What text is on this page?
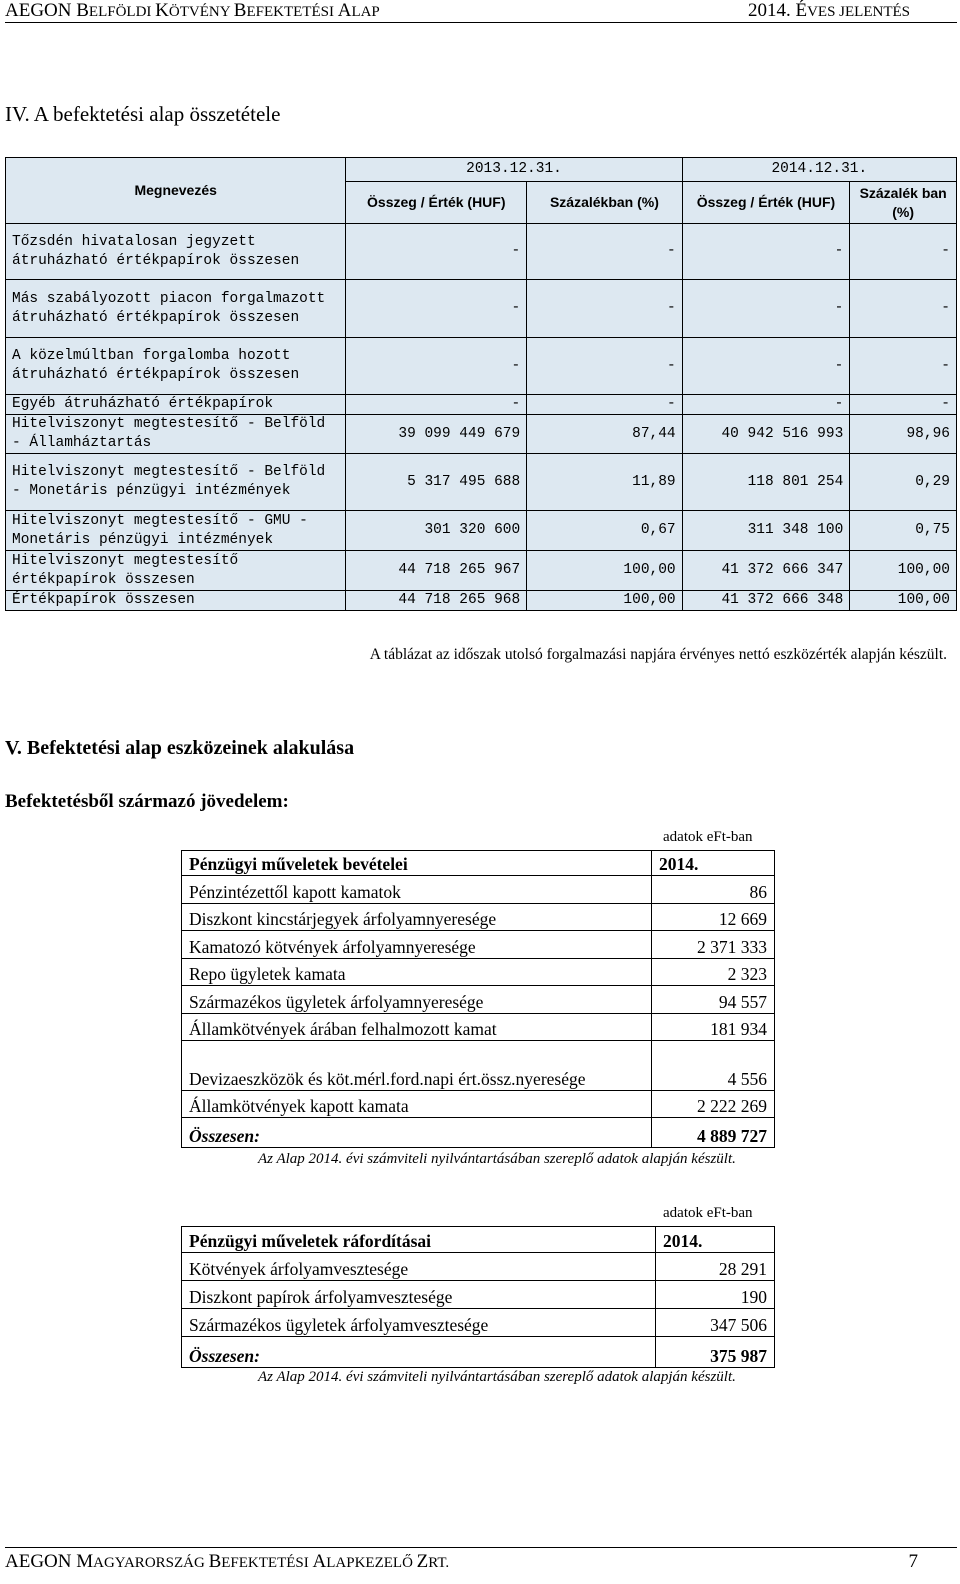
AEGON BELFÖLDI KÖTVÉNY BEFEKTETÉSI ALAP	2014. ÉVES JELENTÉS
IV. A befektetési alap összetétele
Megnevezés	2013.12.31.		2014.12.31.	
	Összeg / Érték (HUF)	Százalékban (%)	Összeg / Érték (HUF)	Százalék ban (%)
Tőzsdén hivatalosan jegyzett átruházható értékpapírok összesen	-	-	-	-
Más szabályozott piacon forgalmazott átruházható értékpapírok összesen	-	-	-	-
A közelmúltban forgalomba hozott átruházható értékpapírok összesen	-	-	-	-
Egyéb átruházható értékpapírok	-	-	-	-
Hitelviszonyt megtestesítő - Belföld - Államháztartás	39 099 449 679	87,44	40 942 516 993	98,96
Hitelviszonyt megtestesítő - Belföld - Monetáris pénzügyi intézmények	5 317 495 688	11,89	118 801 254	0,29
Hitelviszonyt megtestesítő - GMU - Monetáris pénzügyi intézmények	301 320 600	0,67	311 348 100	0,75
Hitelviszonyt megtestesítő értékpapírok összesen	44 718 265 967	100,00	41 372 666 347	100,00
Értékpapírok összesen	44 718 265 968	100,00	41 372 666 348	100,00
A táblázat az időszak utolsó forgalmazási napjára érvényes nettó eszközérték alapján készült.
V. Befektetési alap eszközeinek alakulása
Befektetésből származó jövedelem:
adatok eFt-ban
Pénzügyi műveletek bevételei	2014.
Pénzintézettől kapott kamatok	86
Diszkont kincstárjegyek árfolyamnyeresége	12 669
Kamatozó kötvények árfolyamnyeresége	2 371 333
Repo ügyletek kamata	2 323
Származékos ügyletek árfolyamnyeresége	94 557
Államkötvények árában felhalmozott kamat	181 934
Devizaeszközök és köt.mérl.ford.napi ért.össz.nyeresége	4 556
Államkötvények kapott kamata	2 222 269
Összesen:	4 889 727
Az Alap 2014. évi számviteli nyilvántartásában szereplő adatok alapján készült.
adatok eFt-ban
Pénzügyi műveletek ráfordításai	2014.
Kötvények árfolyamvesztesége	28 291
Diszkont papírok árfolyamvesztesége	190
Származékos ügyletek árfolyamvesztesége	347 506
Összesen:	375 987
Az Alap 2014. évi számviteli nyilvántartásában szereplő adatok alapján készült.
AEGON MAGYARORSZÁG BEFEKTETÉSI ALAPKEZELŐ ZRT.	7
